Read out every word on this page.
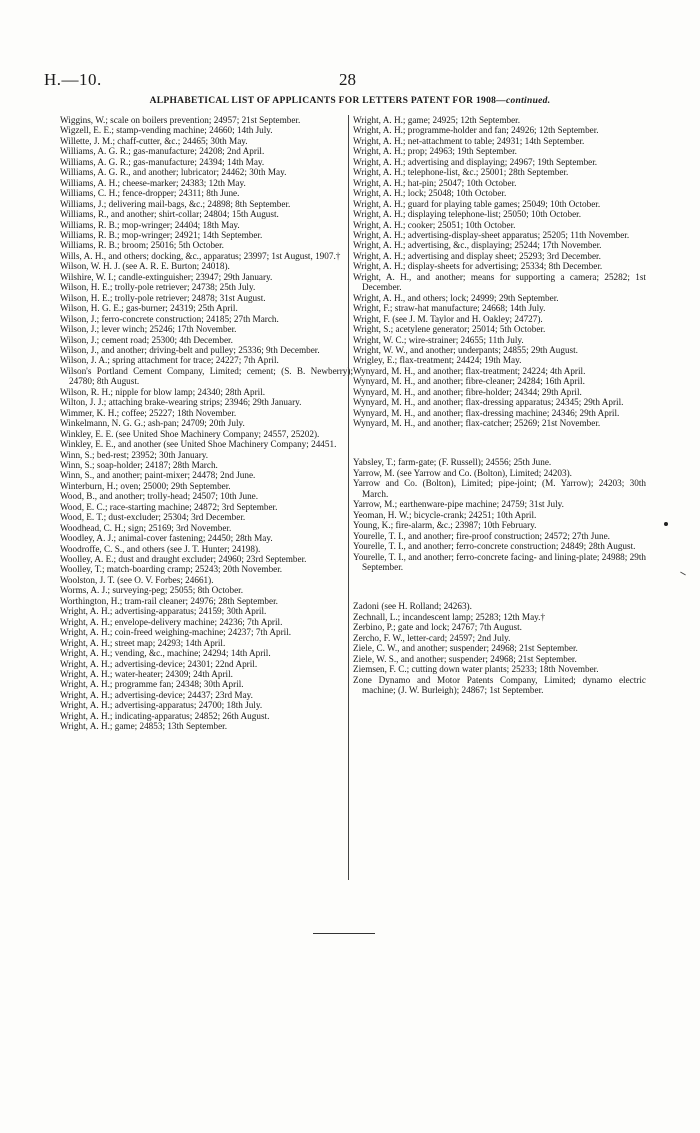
H.—10.	28
ALPHABETICAL LIST OF APPLICANTS FOR LETTERS PATENT FOR 1908—continued.

Wiggins, W.; scale on boilers prevention; 24957; 21st September.

Wigzell, E. E.; stamp-vending machine; 24660; 14th July.

Willette, J. M.; chaff-cutter, &c.; 24465; 30th May.

Williams, A. G. R.; gas-manufacture; 24208; 2nd April.

Williams, A. G. R.; gas-manufacture; 24394; 14th May.

Williams, A. G. R., and another; lubricator; 24462; 30th May.

Williams, A. H.; cheese-marker; 24383; 12th May.

Williams, C. H.; fence-dropper; 24311; 8th June.

Williams, J.; delivering mail-bags, &c.; 24898; 8th September.

Williams, R., and another; shirt-collar; 24804; 15th August.

Williams, R. B.; mop-wringer; 24404; 18th May.

Williams, R. B.; mop-wringer; 24921; 14th September.

Williams, R. B.; broom; 25016; 5th October.

Wills, A. H., and others; docking, &c., apparatus; 23997; 1st August, 1907.†

Wilson, W. H. J. (see A. R. E. Burton; 24018).

Wilshire, W. I.; candle-extinguisher; 23947; 29th January.

Wilson, H. E.; trolly-pole retriever; 24738; 25th July.

Wilson, H. E.; trolly-pole retriever; 24878; 31st August.

Wilson, H. G. E.; gas-burner; 24319; 25th April.

Wilson, J.; ferro-concrete construction; 24185; 27th March.

Wilson, J.; lever winch; 25246; 17th November.

Wilson, J.; cement road; 25300; 4th December.

Wilson, J., and another; driving-belt and pulley; 25336; 9th December.

Wilson, J. A.; spring attachment for trace; 24227; 7th April.

Wilson's Portland Cement Company, Limited; cement; (S. B. Newberry); 24780; 8th August.

Wilson, R. H.; nipple for blow lamp; 24340; 28th April.

Wilton, J. J.; attaching brake-wearing strips; 23946; 29th January.

Wimmer, K. H.; coffee; 25227; 18th November.

Winkelmann, N. G. G.; ash-pan; 24709; 20th July.

Winkley, E. E. (see United Shoe Machinery Company; 24557, 25202).

Winkley, E. E., and another (see United Shoe Machinery Company; 24451.

Winn, S.; bed-rest; 23952; 30th January.

Winn, S.; soap-holder; 24187; 28th March.

Winn, S., and another; paint-mixer; 24478; 2nd June.

Winterburn, H.; oven; 25000; 29th September.

Wood, B., and another; trolly-head; 24507; 10th June.

Wood, E. C.; race-starting machine; 24872; 3rd September.

Wood, E. T.; dust-excluder; 25304; 3rd December.

Woodhead, C. H.; sign; 25169; 3rd November.

Woodley, A. J.; animal-cover fastening; 24450; 28th May.

Woodroffe, C. S., and others (see J. T. Hunter; 24198).

Woolley, A. E.; dust and draught excluder; 24960; 23rd September.

Woolley, T.; match-boarding cramp; 25243; 20th November.

Woolston, J. T. (see O. V. Forbes; 24661).

Worms, A. J.; surveying-peg; 25055; 8th October.

Worthington, H.; tram-rail cleaner; 24976; 28th September.

Wright, A. H.; advertising-apparatus; 24159; 30th April.

Wright, A. H.; envelope-delivery machine; 24236; 7th April.

Wright, A. H.; coin-freed weighing-machine; 24237; 7th April.

Wright, A. H.; street map; 24293; 14th April.

Wright, A. H.; vending, &c., machine; 24294; 14th April.

Wright, A. H.; advertising-device; 24301; 22nd April.

Wright, A. H.; water-heater; 24309; 24th April.

Wright, A. H.; programme fan; 24348; 30th April.

Wright, A. H.; advertising-device; 24437; 23rd May.

Wright, A. H.; advertising-apparatus; 24700; 18th July.

Wright, A. H.; indicating-apparatus; 24852; 26th August.

Wright, A. H.; game; 24853; 13th September.

Wright, A. H.; game; 24925; 12th September.

Wright, A. H.; programme-holder and fan; 24926; 12th September.

Wright, A. H.; net-attachment to table; 24931; 14th September.

Wright, A. H.; prop; 24963; 19th September.

Wright, A. H.; advertising and displaying; 24967; 19th September.

Wright, A. H.; telephone-list, &c.; 25001; 28th September.

Wright, A. H.; hat-pin; 25047; 10th October.

Wright, A. H.; lock; 25048; 10th October.

Wright, A. H.; guard for playing table games; 25049; 10th October.

Wright, A. H.; displaying telephone-list; 25050; 10th October.

Wright, A. H.; cooker; 25051; 10th October.

Wright, A. H.; advertising-display-sheet apparatus; 25205; 11th November.

Wright, A. H.; advertising, &c., displaying; 25244; 17th November.

Wright, A. H.; advertising and display sheet; 25293; 3rd December.

Wright, A. H.; display-sheets for advertising; 25334; 8th December.

Wright, A. H., and another; means for supporting a camera; 25282; 1st December.

Wright, A. H., and others; lock; 24999; 29th September.

Wright, F.; straw-hat manufacture; 24668; 14th July.

Wright, F. (see J. M. Taylor and H. Oakley; 24727).

Wright, S.; acetylene generator; 25014; 5th October.

Wright, W. C.; wire-strainer; 24655; 11th July.

Wright, W. W., and another; underpants; 24855; 29th August.

Wrigley, E.; flax-treatment; 24424; 19th May.

Wynyard, M. H., and another; flax-treatment; 24224; 4th April.

Wynyard, M. H., and another; fibre-cleaner; 24284; 16th April.

Wynyard, M. H., and another; fibre-holder; 24344; 29th April.

Wynyard, M. H., and another; flax-dressing apparatus; 24345; 29th April.

Wynyard, M. H., and another; flax-dressing machine; 24346; 29th April.

Wynyard, M. H., and another; flax-catcher; 25269; 21st November.

Yabsley, T.; farm-gate; (F. Russell); 24556; 25th June.

Yarrow, M. (see Yarrow and Co. (Bolton), Limited; 24203).

Yarrow and Co. (Bolton), Limited; pipe-joint; (M. Yarrow); 24203; 30th March.

Yarrow, M.; earthenware-pipe machine; 24759; 31st July.

Yeoman, H. W.; bicycle-crank; 24251; 10th April.

Young, K.; fire-alarm, &c.; 23987; 10th February.

Yourelle, T. I., and another; fire-proof construction; 24572; 27th June.

Yourelle, T. I., and another; ferro-concrete construction; 24849; 28th August.

Yourelle, T. I., and another; ferro-concrete facing- and lining-plate; 24988; 29th September.

Zadoni (see H. Rolland; 24263).

Zechnall, L.; incandescent lamp; 25283; 12th May.†

Zerbino, P.; gate and lock; 24767; 7th August.

Zercho, F. W., letter-card; 24597; 2nd July.

Ziele, C. W., and another; suspender; 24968; 21st September.

Ziele, W. S., and another; suspender; 24968; 21st September.

Ziemsen, F. C.; cutting down water plants; 25233; 18th November.

Zone Dynamo and Motor Patents Company, Limited; dynamo electric machine; (J. W. Burleigh); 24867; 1st September.
